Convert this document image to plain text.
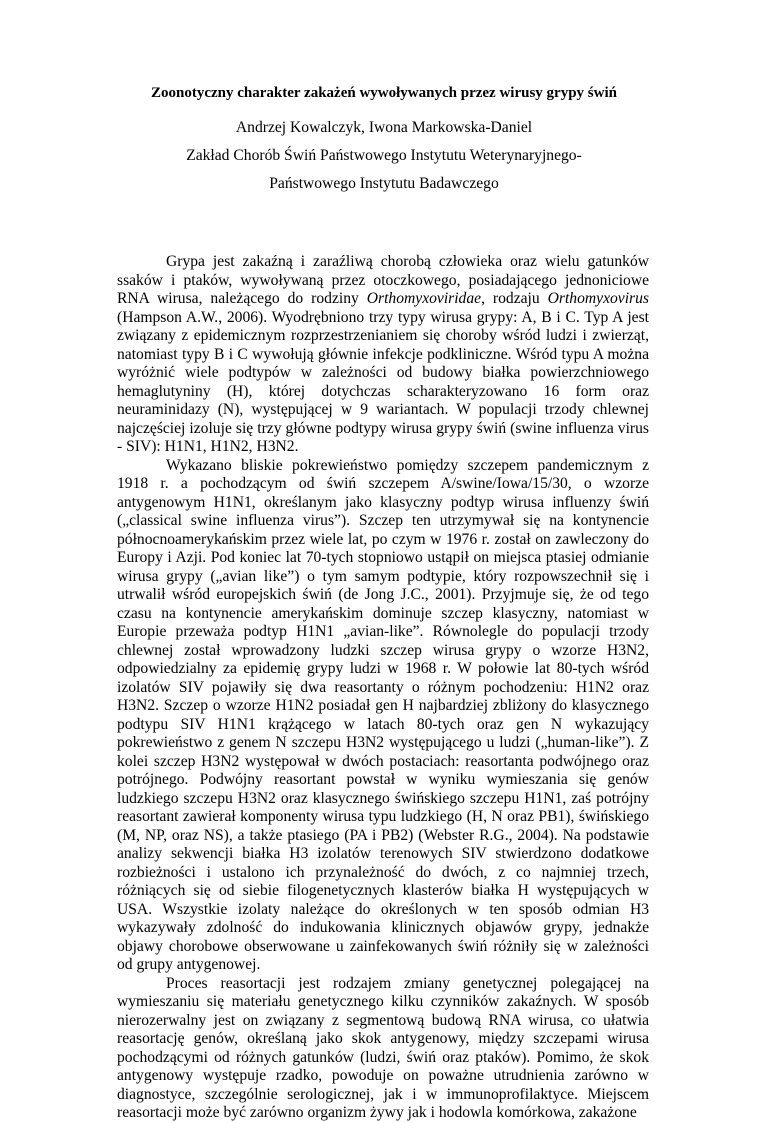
Zoonotyczny charakter zakażeń wywoływanych przez wirusy grypy świń
Andrzej Kowalczyk, Iwona Markowska-Daniel
Zakład Chorób Świń Państwowego Instytutu Weterynaryjnego-
Państwowego Instytutu Badawczego

Grypa jest zakaźną i zaraźliwą chorobą człowieka oraz wielu gatunków ssaków i ptaków, wywoływaną przez otoczkowego, posiadającego jednoniciowe RNA wirusa, należącego do rodziny Orthomyxoviridae, rodzaju Orthomyxovirus (Hampson A.W., 2006). Wyodrębniono trzy typy wirusa grypy: A, B i C. Typ A jest związany z epidemicznym rozprzestrzenianiem się choroby wśród ludzi i zwierząt, natomiast typy B i C wywołują głównie infekcje podkliniczne. Wśród typu A można wyróżnić wiele podtypów w zależności od budowy białka powierzchniowego hemaglutyniny (H), której dotychczas scharakteryzowano 16 form oraz neuraminidazy (N), występującej w 9 wariantach. W populacji trzody chlewnej najczęściej izoluje się trzy główne podtypy wirusa grypy świń (swine influenza virus - SIV): H1N1, H1N2, H3N2.

Wykazano bliskie pokrewieństwo pomiędzy szczepem pandemicznym z 1918 r. a pochodzącym od świń szczepem A/swine/Iowa/15/30, o wzorze antygenowym H1N1, określanym jako klasyczny podtyp wirusa influenzy świń („classical swine influenza virus”). Szczep ten utrzymywał się na kontynencie północnoamerykańskim przez wiele lat, po czym w 1976 r. został on zawleczony do Europy i Azji. Pod koniec lat 70-tych stopniowo ustąpił on miejsca ptasiej odmianie wirusa grypy („avian like”) o tym samym podtypie, który rozpowszechnił się i utrwalił wśród europejskich świń (de Jong J.C., 2001). Przyjmuje się, że od tego czasu na kontynencie amerykańskim dominuje szczep klasyczny, natomiast w Europie przeważa podtyp H1N1 „avian-like”. Równolegle do populacji trzody chlewnej został wprowadzony ludzki szczep wirusa grypy o wzorze H3N2, odpowiedzialny za epidemię grypy ludzi w 1968 r. W połowie lat 80-tych wśród izolatów SIV pojawiły się dwa reasortanty o różnym pochodzeniu: H1N2 oraz H3N2. Szczep o wzorze H1N2 posiadał gen H najbardziej zbliżony do klasycznego podtypu SIV H1N1 krążącego w latach 80-tych oraz gen N wykazujący pokrewieństwo z genem N szczepu H3N2 występującego u ludzi („human-like”). Z kolei szczep H3N2 występował w dwóch postaciach: reasortanta podwójnego oraz potrójnego. Podwójny reasortant powstał w wyniku wymieszania się genów ludzkiego szczepu H3N2 oraz klasycznego świńskiego szczepu H1N1, zaś potrójny reasortant zawierał komponenty wirusa typu ludzkiego (H, N oraz PB1), świńskiego (M, NP, oraz NS), a także ptasiego (PA i PB2) (Webster R.G., 2004). Na podstawie analizy sekwencji białka H3 izolatów terenowych SIV stwierdzono dodatkowe rozbieżności i ustalono ich przynależność do dwóch, z co najmniej trzech, różniących się od siebie filogenetycznych klasterów białka H występujących w USA. Wszystkie izolaty należące do określonych w ten sposób odmian H3 wykazywały zdolność do indukowania klinicznych objawów grypy, jednakże objawy chorobowe obserwowane u zainfekowanych świń różniły się w zależności od grupy antygenowej.

Proces reasortacji jest rodzajem zmiany genetycznej polegającej na wymieszaniu się materiału genetycznego kilku czynników zakaźnych. W sposób nierozerwalny jest on związany z segmentową budową RNA wirusa, co ułatwia reasortację genów, określaną jako skok antygenowy, między szczepami wirusa pochodzącymi od różnych gatunków (ludzi, świń oraz ptaków). Pomimo, że skok antygenowy występuje rzadko, powoduje on poważne utrudnienia zarówno w diagnostyce, szczególnie serologicznej, jak i w immunoprofilaktyce. Miejscem reasortacji może być zarówno organizm żywy jak i hodowla komórkowa, zakażone
